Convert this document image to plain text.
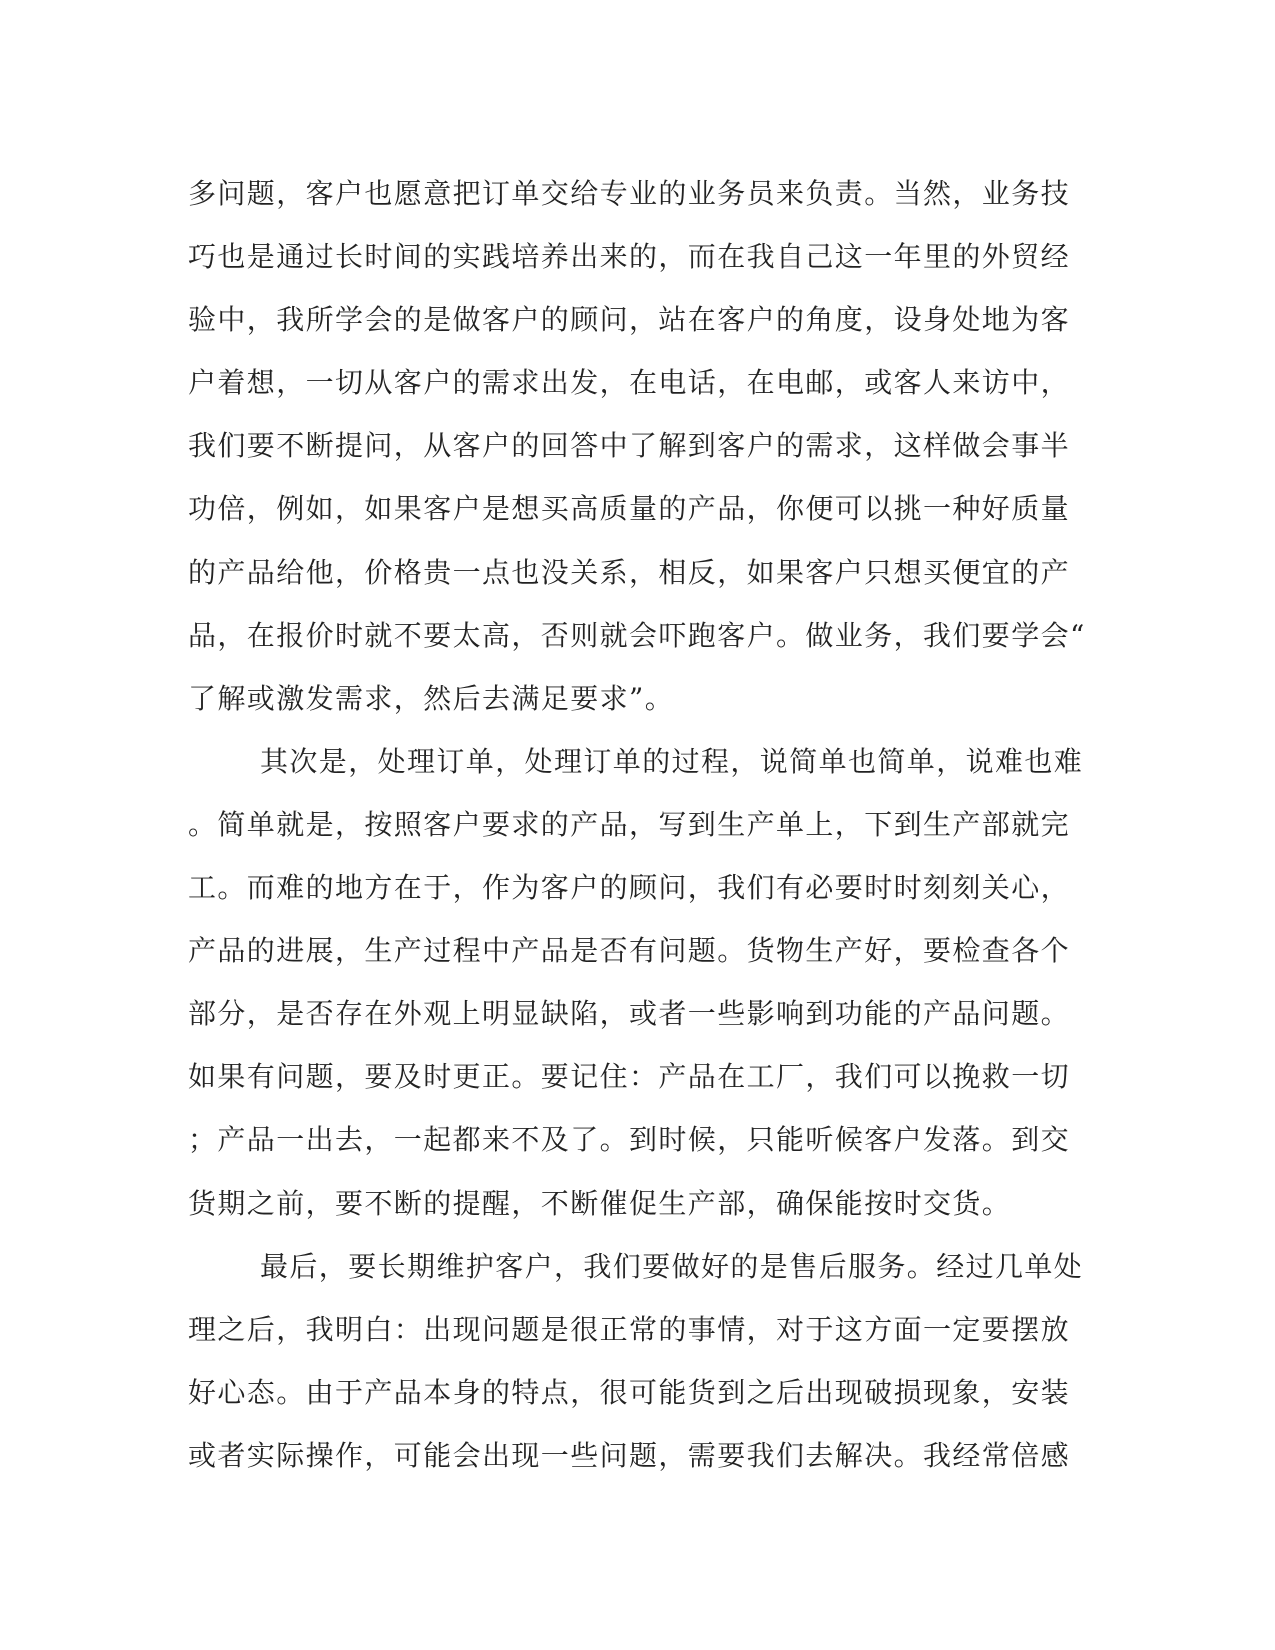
多问题，客户也愿意把订单交给专业的业务员来负责。当然，业务技
巧也是通过长时间的实践培养出来的，而在我自己这一年里的外贸经
验中，我所学会的是做客户的顾问，站在客户的角度，设身处地为客
户着想，一切从客户的需求出发，在电话，在电邮，或客人来访中，
我们要不断提问，从客户的回答中了解到客户的需求，这样做会事半
功倍，例如，如果客户是想买高质量的产品，你便可以挑一种好质量
的产品给他，价格贵一点也没关系，相反，如果客户只想买便宜的产
品，在报价时就不要太高，否则就会吓跑客户。做业务，我们要学会“
了解或激发需求，然后去满足要求”。
其次是，处理订单，处理订单的过程，说简单也简单，说难也难
。简单就是，按照客户要求的产品，写到生产单上，下到生产部就完
工。而难的地方在于，作为客户的顾问，我们有必要时时刻刻关心，
产品的进展，生产过程中产品是否有问题。货物生产好，要检查各个
部分，是否存在外观上明显缺陷，或者一些影响到功能的产品问题。
如果有问题，要及时更正。要记住：产品在工厂，我们可以挽救一切
；产品一出去，一起都来不及了。到时候，只能听候客户发落。到交
货期之前，要不断的提醒，不断催促生产部，确保能按时交货。
最后，要长期维护客户，我们要做好的是售后服务。经过几单处
理之后，我明白：出现问题是很正常的事情，对于这方面一定要摆放
好心态。由于产品本身的特点，很可能货到之后出现破损现象，安装
或者实际操作，可能会出现一些问题，需要我们去解决。我经常倍感
